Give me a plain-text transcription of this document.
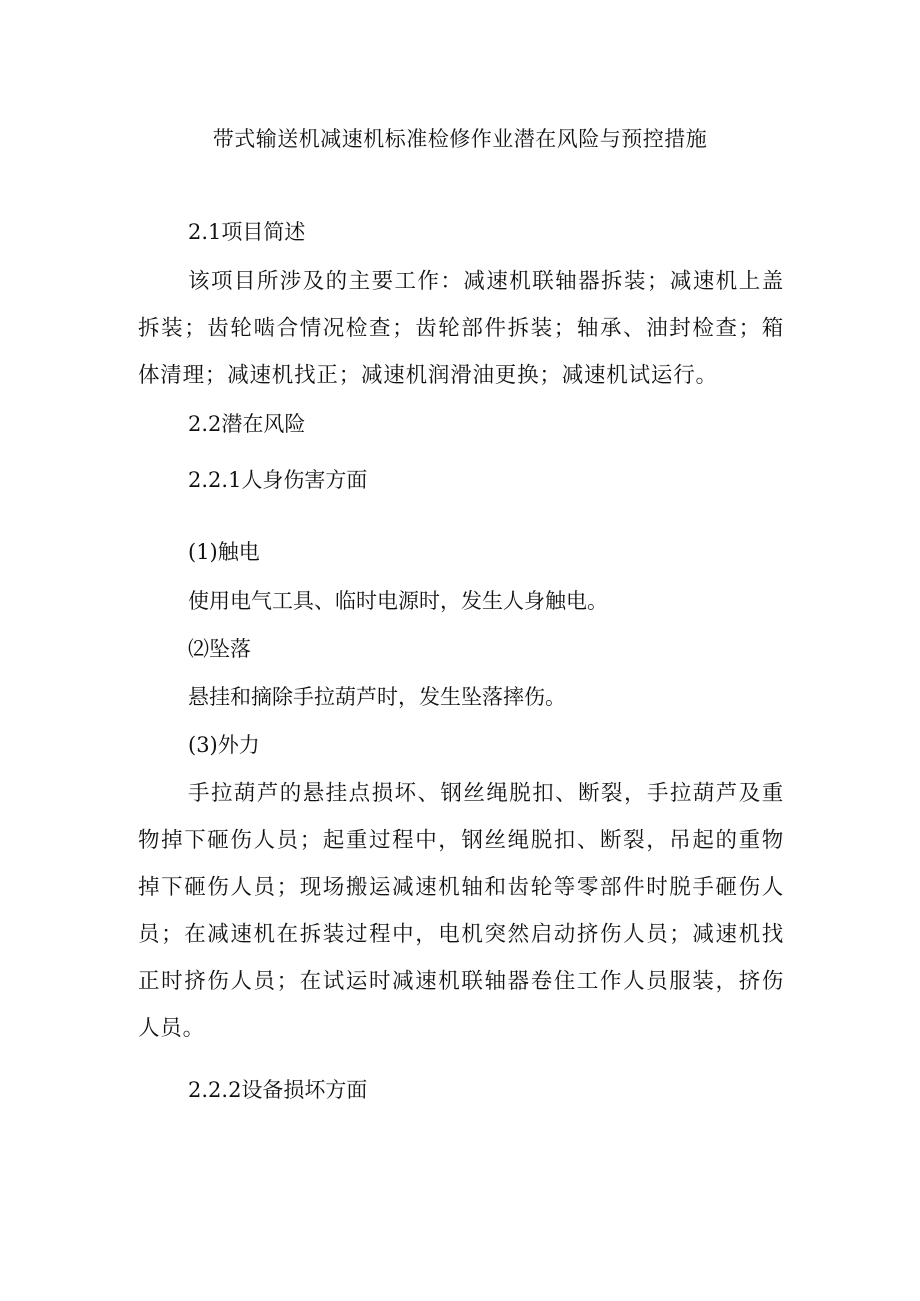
带式输送机减速机标准检修作业潜在风险与预控措施
2.1项目简述
该项目所涉及的主要工作：减速机联轴器拆装；减速机上盖拆装；齿轮啮合情况检查；齿轮部件拆装；轴承、油封检查；箱体清理；减速机找正；减速机润滑油更换；减速机试运行。
2.2潜在风险
2.2.1人身伤害方面
(1)触电
使用电气工具、临时电源时，发生人身触电。
⑵坠落
悬挂和摘除手拉葫芦时，发生坠落摔伤。
(3)外力
手拉葫芦的悬挂点损坏、钢丝绳脱扣、断裂，手拉葫芦及重物掉下砸伤人员；起重过程中，钢丝绳脱扣、断裂，吊起的重物掉下砸伤人员；现场搬运减速机轴和齿轮等零部件时脱手砸伤人员；在减速机在拆装过程中，电机突然启动挤伤人员；减速机找正时挤伤人员；在试运时减速机联轴器卷住工作人员服装，挤伤人员。
2.2.2设备损坏方面
